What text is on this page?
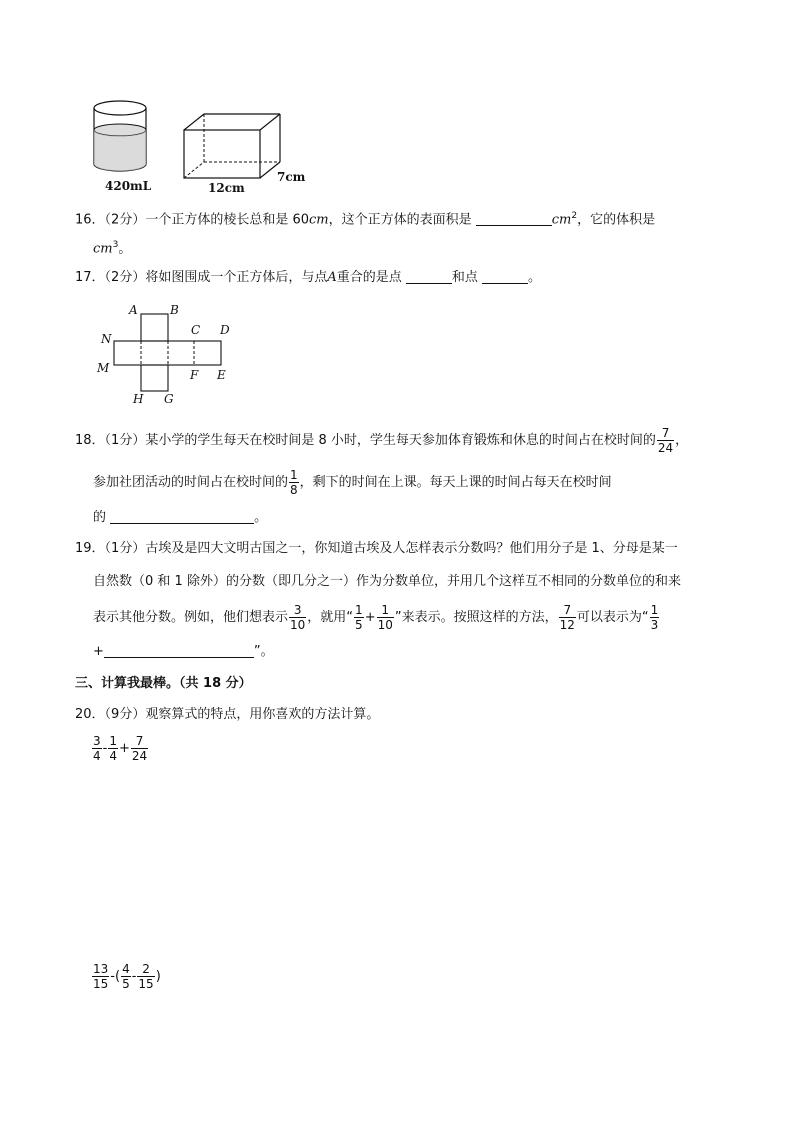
420mL	12cm
7cm
16．（2分）一个正方体的棱长总和是 60cm，这个正方体的表面积是	$cm^2$，它的体积是
$cm^3$。
17．（2分）将如图围成一个正方体后，与点A重合的是点	和点	。
A	B
C D
N
M	F E
H G
18．（1分）某小学的学生每天在校时间是 8 小时，学生每天参加体育锻炼和休息的时间占在校时间的 $\frac{7}{24}$ ，
参加社团活动的时间占在校时间的 $\frac{1}{8}$ ，剩下的时间在上课。每天上课的时间占每天在校时间
的	。
19．（1分）古埃及是四大文明古国之一，你知道古埃及人怎样表示分数吗？他们用分子是 1、分母是某一
自然数（0 和 1 除外）的分数（即几分之一）作为分数单位，并用几个这样互不相同的分数单位的和来
表示其他分数。例如，他们想表示 $\frac{3}{10}$ ，就用“ $\frac{1}{5} + \frac{1}{10}$ ”来表示。按照这样的方法， $\frac{7}{12}$ 可以表示为“ $\frac{1}{3}$
+	”。
三、计算我最棒。（共 18 分）
20．（9分）观察算式的特点，用你喜欢的方法计算。
$\frac{3}{4} - \frac{1}{4} + \frac{7}{24}$
$\frac{13}{15}$ -( $\frac{4}{5} - \frac{2}{15}$ )
